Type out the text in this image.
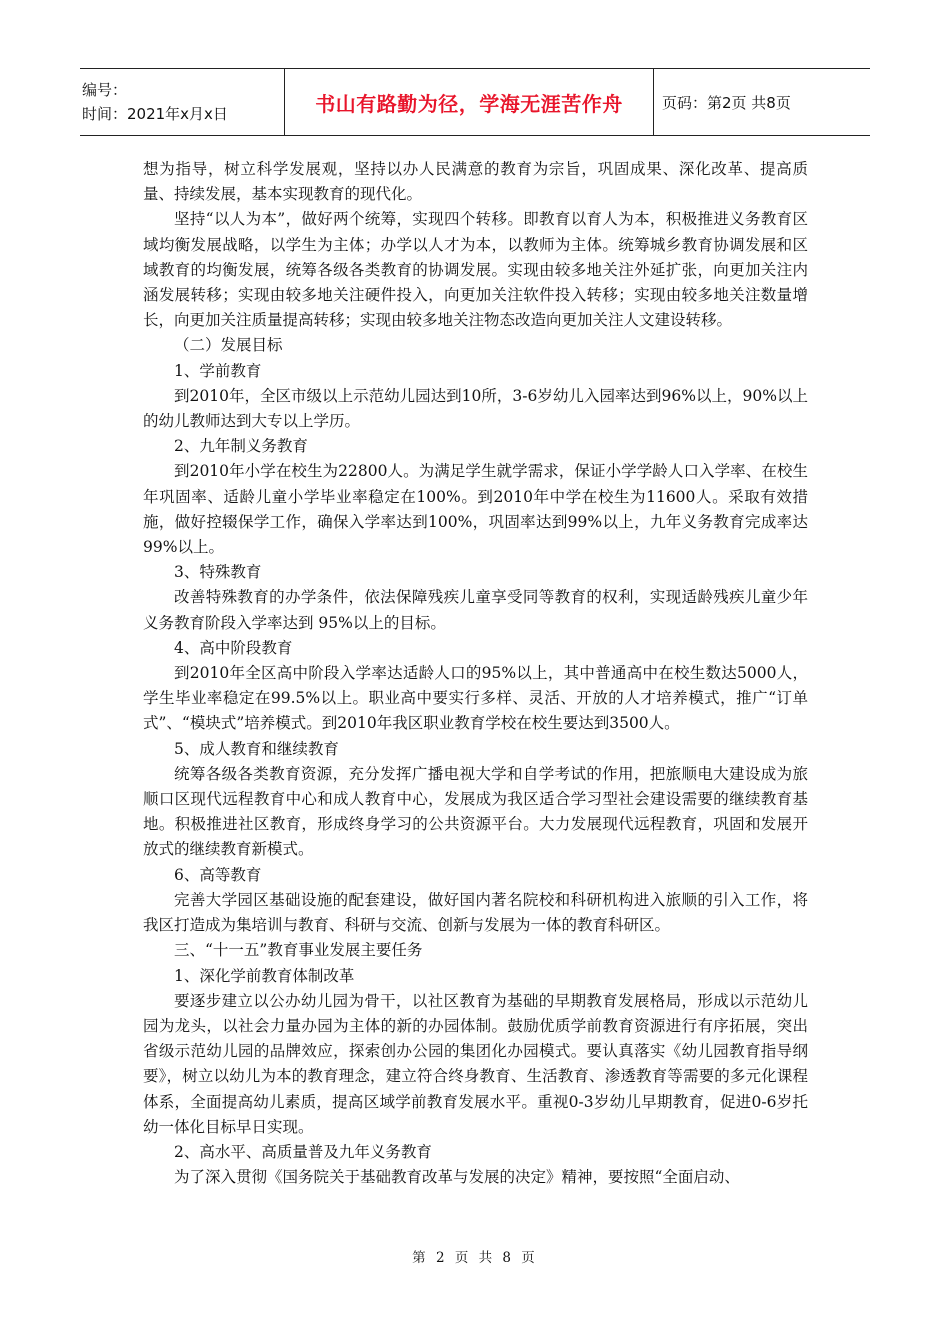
编号：
时间：2021年x月x日	书山有路勤为径，学海无涯苦作舟	页码：第2页 共8页

想为指导，树立科学发展观，坚持以办人民满意的教育为宗旨，巩固成果、深化改革、提高质量、持续发展，基本实现教育的现代化。

坚持“以人为本”，做好两个统筹，实现四个转移。即教育以育人为本，积极推进义务教育区域均衡发展战略，以学生为主体；办学以人才为本，以教师为主体。统筹城乡教育协调发展和区域教育的均衡发展，统筹各级各类教育的协调发展。实现由较多地关注外延扩张，向更加关注内涵发展转移；实现由较多地关注硬件投入，向更加关注软件投入转移；实现由较多地关注数量增长，向更加关注质量提高转移；实现由较多地关注物态改造向更加关注人文建设转移。

（二）发展目标

1、学前教育

到2010年，全区市级以上示范幼儿园达到10所，3-6岁幼儿入园率达到96%以上，90%以上的幼儿教师达到大专以上学历。

2、九年制义务教育

到2010年小学在校生为22800人。为满足学生就学需求，保证小学学龄人口入学率、在校生年巩固率、适龄儿童小学毕业率稳定在100%。到2010年中学在校生为11600人。采取有效措施，做好控辍保学工作，确保入学率达到100%，巩固率达到99%以上，九年义务教育完成率达99%以上。

3、特殊教育

改善特殊教育的办学条件，依法保障残疾儿童享受同等教育的权利，实现适龄残疾儿童少年义务教育阶段入学率达到 95%以上的目标。

4、高中阶段教育

到2010年全区高中阶段入学率达适龄人口的95%以上，其中普通高中在校生数达5000人，学生毕业率稳定在99.5%以上。职业高中要实行多样、灵活、开放的人才培养模式，推广“订单式”、“模块式”培养模式。到2010年我区职业教育学校在校生要达到3500人。

5、成人教育和继续教育

统筹各级各类教育资源，充分发挥广播电视大学和自学考试的作用，把旅顺电大建设成为旅顺口区现代远程教育中心和成人教育中心，发展成为我区适合学习型社会建设需要的继续教育基地。积极推进社区教育，形成终身学习的公共资源平台。大力发展现代远程教育，巩固和发展开放式的继续教育新模式。

6、高等教育

完善大学园区基础设施的配套建设，做好国内著名院校和科研机构进入旅顺的引入工作，将我区打造成为集培训与教育、科研与交流、创新与发展为一体的教育科研区。

三、“十一五”教育事业发展主要任务

1、深化学前教育体制改革

要逐步建立以公办幼儿园为骨干，以社区教育为基础的早期教育发展格局，形成以示范幼儿园为龙头，以社会力量办园为主体的新的办园体制。鼓励优质学前教育资源进行有序拓展，突出省级示范幼儿园的品牌效应，探索创办公园的集团化办园模式。要认真落实《幼儿园教育指导纲要》，树立以幼儿为本的教育理念，建立符合终身教育、生活教育、渗透教育等需要的多元化课程体系，全面提高幼儿素质，提高区域学前教育发展水平。重视0-3岁幼儿早期教育，促进0-6岁托幼一体化目标早日实现。

2、高水平、高质量普及九年义务教育

为了深入贯彻《国务院关于基础教育改革与发展的决定》精神，要按照“全面启动、

第 2 页 共 8 页
